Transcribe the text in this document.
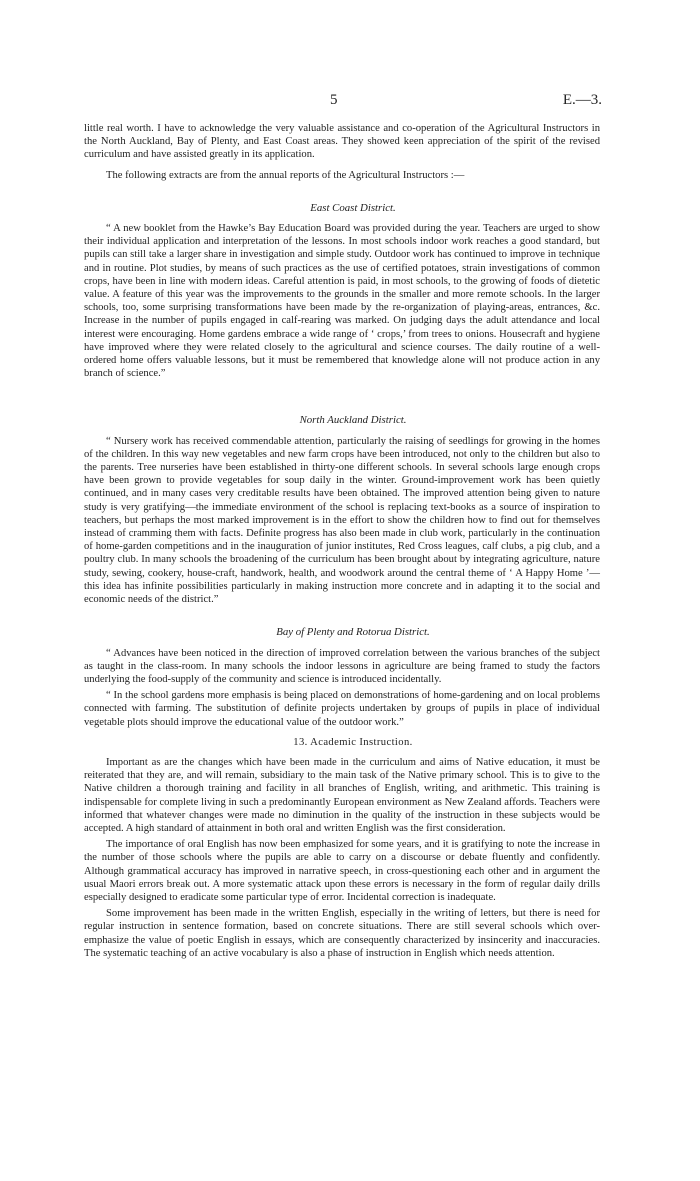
5	E.—3.

little real worth. I have to acknowledge the very valuable assistance and co-operation of the Agricultural Instructors in the North Auckland, Bay of Plenty, and East Coast areas. They showed keen appreciation of the spirit of the revised curriculum and have assisted greatly in its application.

The following extracts are from the annual reports of the Agricultural Instructors :—

East Coast District.

“ A new booklet from the Hawke’s Bay Education Board was provided during the year. Teachers are urged to show their individual application and interpretation of the lessons. In most schools indoor work reaches a good standard, but pupils can still take a larger share in investigation and simple study. Outdoor work has continued to improve in technique and in routine. Plot studies, by means of such practices as the use of certified potatoes, strain investigations of common crops, have been in line with modern ideas. Careful attention is paid, in most schools, to the growing of foods of dietetic value. A feature of this year was the improvements to the grounds in the smaller and more remote schools. In the larger schools, too, some surprising transformations have been made by the re-organization of playing-areas, entrances, &c. Increase in the number of pupils engaged in calf-rearing was marked. On judging days the adult attendance and local interest were encouraging. Home gardens embrace a wide range of ‘ crops,’ from trees to onions. Housecraft and hygiene have improved where they were related closely to the agricultural and science courses. The daily routine of a well-ordered home offers valuable lessons, but it must be remembered that knowledge alone will not produce action in any branch of science.”

North Auckland District.

“ Nursery work has received commendable attention, particularly the raising of seedlings for growing in the homes of the children. In this way new vegetables and new farm crops have been introduced, not only to the children but also to the parents. Tree nurseries have been established in thirty-one different schools. In several schools large enough crops have been grown to provide vegetables for soup daily in the winter. Ground-improvement work has been quietly continued, and in many cases very creditable results have been obtained. The improved attention being given to nature study is very gratifying—the immediate environment of the school is replacing text-books as a source of inspiration to teachers, but perhaps the most marked improvement is in the effort to show the children how to find out for themselves instead of cramming them with facts. Definite progress has also been made in club work, particularly in the continuation of home-garden competitions and in the inauguration of junior institutes, Red Cross leagues, calf clubs, a pig club, and a poultry club. In many schools the broadening of the curriculum has been brought about by integrating agriculture, nature study, sewing, cookery, house-craft, handwork, health, and woodwork around the central theme of ‘ A Happy Home ’—this idea has infinite possibilities particularly in making instruction more concrete and in adapting it to the social and economic needs of the district.”

Bay of Plenty and Rotorua District.

“ Advances have been noticed in the direction of improved correlation between the various branches of the subject as taught in the class-room. In many schools the indoor lessons in agriculture are being framed to study the factors underlying the food-supply of the community and science is introduced incidentally.

“ In the school gardens more emphasis is being placed on demonstrations of home-gardening and on local problems connected with farming. The substitution of definite projects undertaken by groups of pupils in place of individual vegetable plots should improve the educational value of the outdoor work.”

13. Academic Instruction.

Important as are the changes which have been made in the curriculum and aims of Native education, it must be reiterated that they are, and will remain, subsidiary to the main task of the Native primary school. This is to give to the Native children a thorough training and facility in all branches of English, writing, and arithmetic. This training is indispensable for complete living in such a predominantly European environment as New Zealand affords. Teachers were informed that whatever changes were made no diminution in the quality of the instruction in these subjects would be accepted. A high standard of attainment in both oral and written English was the first consideration.

The importance of oral English has now been emphasized for some years, and it is gratifying to note the increase in the number of those schools where the pupils are able to carry on a discourse or debate fluently and confidently. Although grammatical accuracy has improved in narrative speech, in cross-questioning each other and in argument the usual Maori errors break out. A more systematic attack upon these errors is necessary in the form of regular daily drills especially designed to eradicate some particular type of error. Incidental correction is inadequate.

Some improvement has been made in the written English, especially in the writing of letters, but there is need for regular instruction in sentence formation, based on concrete situations. There are still several schools which over-emphasize the value of poetic English in essays, which are consequently characterized by insincerity and inaccuracies. The systematic teaching of an active vocabulary is also a phase of instruction in English which needs attention.
